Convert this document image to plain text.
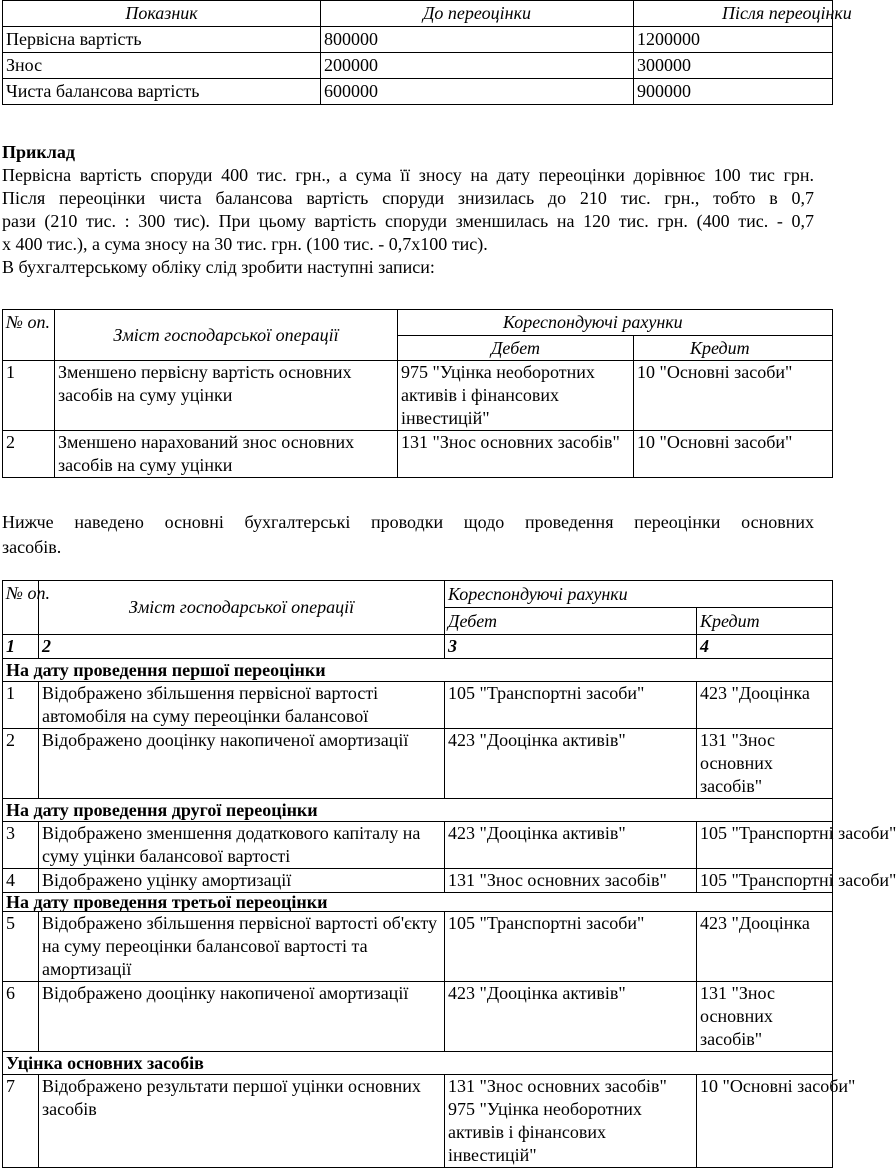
Показник	До переоцінки	Після переоцінки
Первісна вартість	800000	1200000
Знос	200000	300000
Чиста балансова вартість	600000	900000

Приклад

Первісна вартість споруди 400 тис. грн., а сума її зносу на дату переоцінки дорівнює 100 тис грн.

Після переоцінки чиста балансова вартість споруди знизилась до 210 тис. грн., тобто в 0,7

рази (210 тис. : 300 тис). При цьому вартість споруди зменшилась на 120 тис. грн. (400 тис. - 0,7

х 400 тис.), а сума зносу на 30 тис. грн. (100 тис. - 0,7х100 тис).

В бухгалтерському обліку слід зробити наступні записи:

№ оп.	Зміст господарської операції	Кореспондуючі рахунки	
		Дебет	Кредит
1	Зменшено первісну вартість основних засобів на суму уцінки	975 "Уцінка необоротних активів і фінансових інвестицій"	10 "Основні засоби"
2	Зменшено нарахований знос основних засобів на суму уцінки	131 "Знос основних засобів"	10 "Основні засоби"
Нижче наведено основні бухгалтерські проводки щодо проведення переоцінки основних
засобів.
№ оп.	Зміст господарської операції	Кореспондуючі рахунки	
		Дебет	Кредит
1	2	3	4
На дату проведення першої переоцінки			
1	Відображено збільшення первісної вартості автомобіля на суму переоцінки балансової	105 "Транспортні засоби"	423 "Дооцінка
2	Відображено дооцінку накопиченої амортизації	423 "Дооцінка активів"	131 "Знос основних засобів"
На дату проведення другої переоцінки			
3	Відображено зменшення додаткового капіталу на суму уцінки балансової вартості	423 "Дооцінка активів"	105 "Транспортні засоби"
4	Відображено уцінку амортизації	131 "Знос основних засобів"	105 "Транспортні засоби"
На дату проведення третьої переоцінки			
5	Відображено збільшення первісної вартості об'єкту на суму переоцінки балансової вартості та амортизації	105 "Транспортні засоби"	423 "Дооцінка
6	Відображено дооцінку накопиченої амортизації	423 "Дооцінка активів"	131 "Знос основних засобів"
Уцінка основних засобів			
7	Відображено результати першої уцінки основних засобів	131 "Знос основних засобів" 975 "Уцінка необоротних активів і фінансових інвестицій"	10 "Основні засоби"
